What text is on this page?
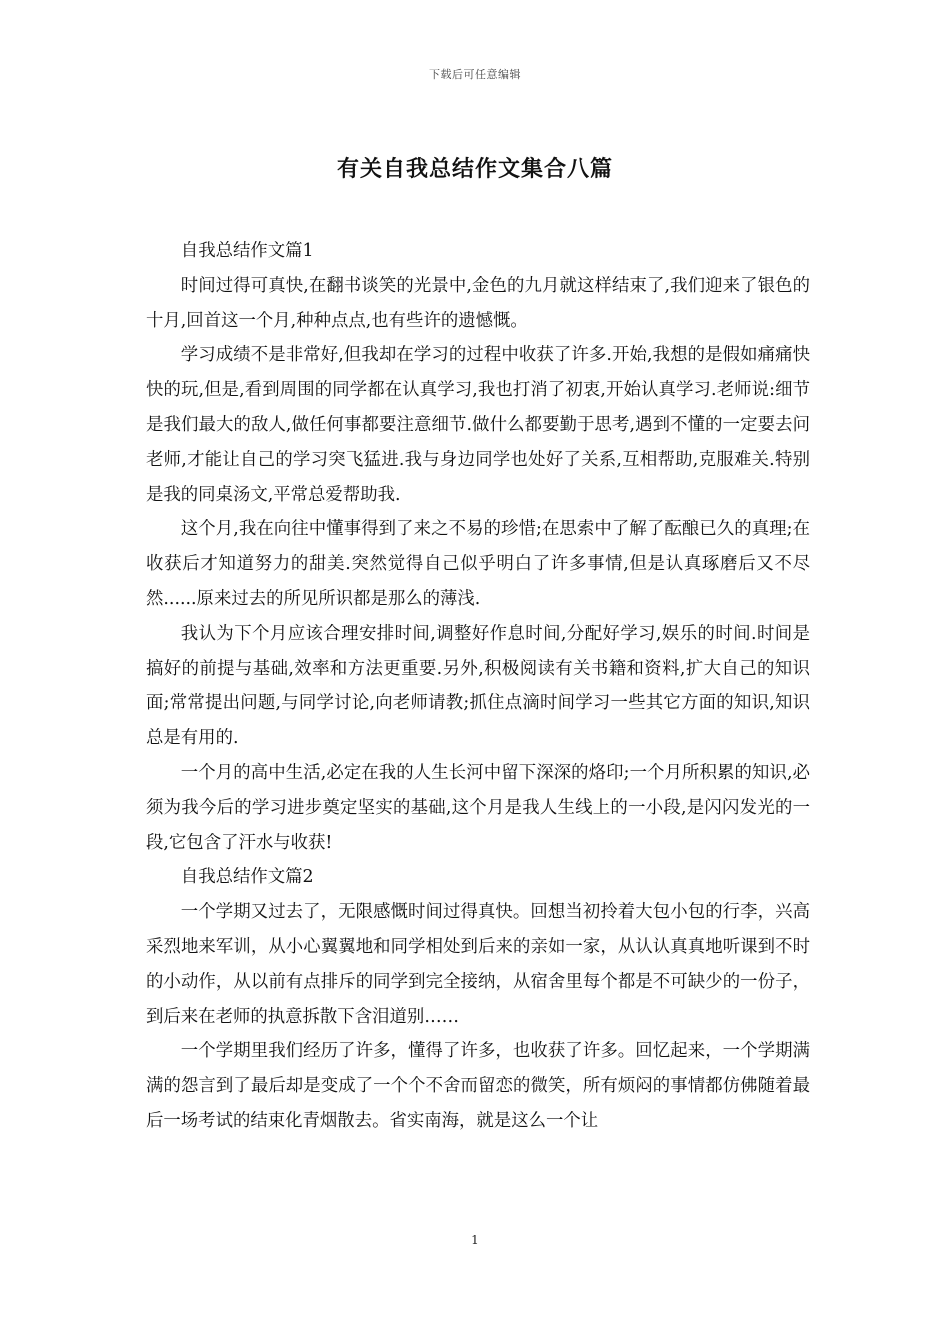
下载后可任意编辑
有关自我总结作文集合八篇

自我总结作文篇1

时间过得可真快,在翻书谈笑的光景中,金色的九月就这样结束了,我们迎来了银色的十月,回首这一个月,种种点点,也有些许的遗憾慨。

学习成绩不是非常好,但我却在学习的过程中收获了许多.开始,我想的是假如痛痛快快的玩,但是,看到周围的同学都在认真学习,我也打消了初衷,开始认真学习.老师说:细节是我们最大的敌人,做任何事都要注意细节.做什么都要勤于思考,遇到不懂的一定要去问老师,才能让自己的学习突飞猛进.我与身边同学也处好了关系,互相帮助,克服难关.特别是我的同桌汤文,平常总爱帮助我.

这个月,我在向往中懂事得到了来之不易的珍惜;在思索中了解了酝酿已久的真理;在收获后才知道努力的甜美.突然觉得自己似乎明白了许多事情,但是认真琢磨后又不尽然......原来过去的所见所识都是那么的薄浅.

我认为下个月应该合理安排时间,调整好作息时间,分配好学习,娱乐的时间.时间是搞好的前提与基础,效率和方法更重要.另外,积极阅读有关书籍和资料,扩大自己的知识面;常常提出问题,与同学讨论,向老师请教;抓住点滴时间学习一些其它方面的知识,知识总是有用的.

一个月的高中生活,必定在我的人生长河中留下深深的烙印;一个月所积累的知识,必须为我今后的学习进步奠定坚实的基础,这个月是我人生线上的一小段,是闪闪发光的一段,它包含了汗水与收获!

自我总结作文篇2

一个学期又过去了，无限感慨时间过得真快。回想当初拎着大包小包的行李，兴高采烈地来军训，从小心翼翼地和同学相处到后来的亲如一家，从认认真真地听课到不时的小动作，从以前有点排斥的同学到完全接纳，从宿舍里每个都是不可缺少的一份子，到后来在老师的执意拆散下含泪道别……

一个学期里我们经历了许多，懂得了许多，也收获了许多。回忆起来，一个学期满满的怨言到了最后却是变成了一个个不舍而留恋的微笑，所有烦闷的事情都仿佛随着最后一场考试的结束化青烟散去。省实南海，就是这么一个让

1
